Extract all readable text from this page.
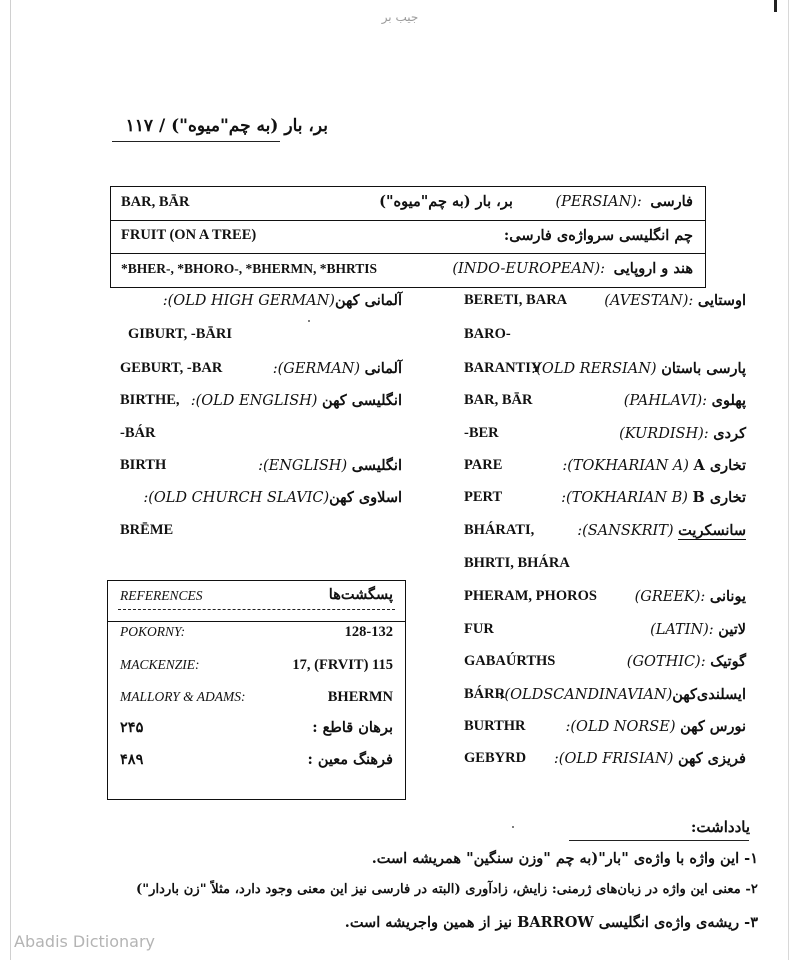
جیب بر
بر، بار (به چم"میوه") / ۱۱۷
BAR, BĀR	فارسی (PERSIAN): بر، بار (به چم"میوه")
FRUIT (ON A TREE)	چم انگلیسی سرواژه‌ی فارسی:
*BHER-, *BHORO-, *BHERMN, *BHRTIS	هند و اروپایی (INDO-EUROPEAN):
BERETI, BARA	اوستایی (AVESTAN):
BARO-
BARANTIY	پارسی باستان :(OLD RERSIAN)
BAR, BĀR	پهلوی (PAHLAVI):
-BER	کردی (KURDISH):
PARE	تخاری A :(TOKHARIAN A)
PERT	تخاری B :(TOKHARIAN B)
BHÁRATI,	سانسکریت :(SANSKRIT)
BHRTI, BHÁRA
PHERAM, PHOROS	یونانی (GREEK):
FUR	لاتین (LATIN):
GABAÚRTHS	گوتیک (GOTHIC):
BÁRR	ایسلندی‌کهن:(OLDSCANDINAVIAN)
BURTHR	نورس کهن :(OLD NORSE)
GEBYRD	فریزی کهن :(OLD FRISIAN)
آلمانی کهن:(OLD HIGH GERMAN)
GIBURT, -BĀRI
GEBURT, -BAR	آلمانی :(GERMAN)
BIRTHE,	انگلیسی کهن :(OLD ENGLISH)
-BÁR
BIRTH	انگلیسی :(ENGLISH)
اسلاوی کهن:(OLD CHURCH SLAVIC)
BRĒME
REFERENCES	پسگشت‌ها
POKORNY:	128-132
MACKENZIE:	17, (FRVIT) 115
MALLORY & ADAMS:	BHERMN
برهان قاطع :
۲۴۵
فرهنگ معین :
۴۸۹
یادداشت:
۱- این واژه با واژه‌ی "بار"(به چم "وزن سنگین" همریشه است.
۲- معنی این واژه در زبان‌های ژرمنی: زایش، زادآوری (البته در فارسی نیز این معنی وجود دارد، مثلاً "زن باردار")
۳- ریشه‌ی واژه‌ی انگلیسی BARROW نیز از همین واجریشه است.
Abadis Dictionary
